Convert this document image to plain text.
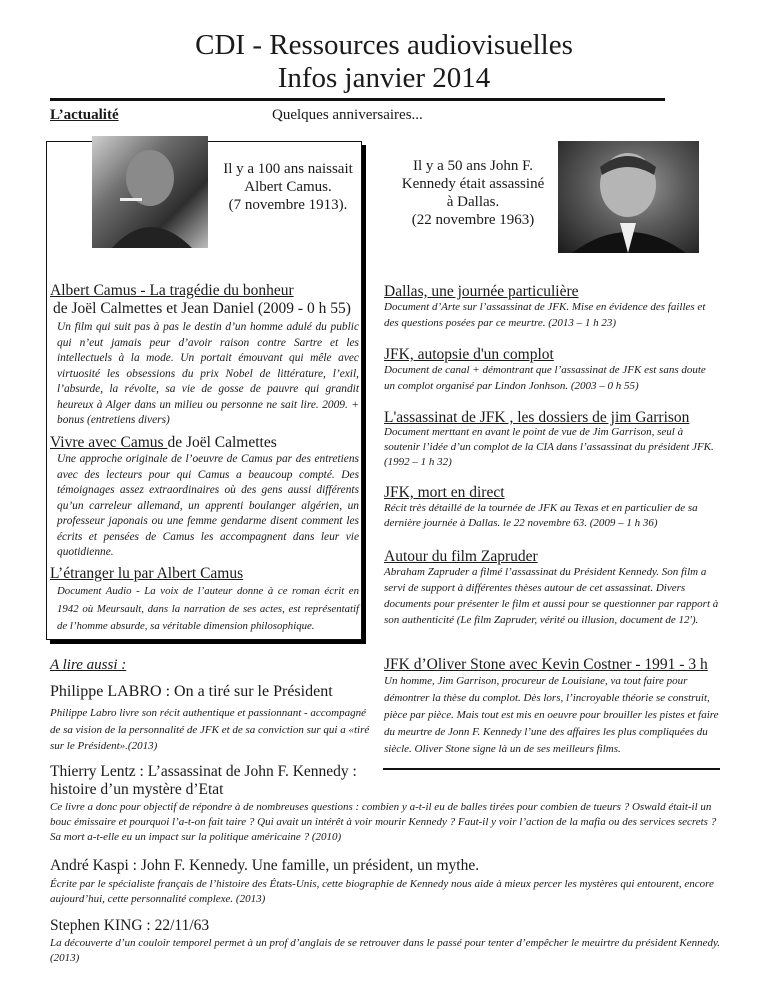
CDI - Ressources audiovisuelles
Infos janvier 2014
L’actualité	Quelques anniversaires...
Il y a 100 ans naissait
Albert Camus.
(7 novembre 1913).
Albert Camus - La tragédie du bonheur
de Joël Calmettes et Jean Daniel (2009 - 0 h 55)
Un film qui suit pas à pas le destin d’un homme adulé du public qui n’eut jamais peur d’avoir raison contre Sartre et les intellectuels à la mode. Un portait émouvant qui mêle avec virtuosité les obsessions du prix Nobel de littérature, l’exil, l’absurde, la révolte, sa vie de gosse de pauvre qui grandit heureux à Alger dans un milieu ou personne ne sait lire. 2009. + bonus (entretiens divers)
Vivre avec Camus de Joël Calmettes
Une approche originale de l’oeuvre de Camus par des entretiens avec des lecteurs pour qui Camus a beaucoup compté. Des témoignages assez extraordinaires où des gens aussi différents qu’un carreleur allemand, un apprenti boulanger algérien, un professeur japonais ou une femme gendarme disent comment les écrits et pensées de Camus les accompagnent dans leur vie quotidienne.
L’étranger lu par Albert Camus
Document Audio - La voix de l’auteur donne à ce roman écrit en 1942 où Meursault, dans la narration de ses actes, est représentatif de l’homme absurde, sa véritable dimension philosophique.
Il y a 50 ans John F.
Kennedy était assassiné
à Dallas.
(22 novembre 1963)
Dallas, une journée particulière
Document d’Arte sur l’assassinat de JFK. Mise en évidence des failles et des questions posées par ce meurtre. (2013 – 1 h 23)
JFK, autopsie d'un complot
Document de canal + démontrant que l’assassinat de JFK est sans doute un complot organisé par Lindon Jonhson. (2003 – 0 h 55)
L'assassinat de JFK , les dossiers de jim Garrison
Document merttant en avant le point de vue de Jim Garrison, seul à soutenir l’idée d’un complot de la CIA dans l’assassinat du président JFK. (1992 – 1 h 32)
JFK, mort en direct
Récit très détaillé de la tournée de JFK au Texas et en particulier de sa dernière journée à Dallas. le 22 novembre 63. (2009 – 1 h 36)
Autour du film Zapruder
Abraham Zapruder a filmé l’assassinat du Président Kennedy. Son film a servi de support à différentes thèses autour de cet assassinat. Divers documents pour présenter le film et aussi pour se questionner par rapport à son authenticité (Le film Zapruder, vérité ou illusion, document de 12').
JFK d’Oliver Stone avec Kevin Costner - 1991 - 3 h
Un homme, Jim Garrison, procureur de Louisiane, va tout faire pour démontrer la thèse du complot. Dès lors, l’incroyable théorie se construit, pièce par pièce. Mais tout est mis en oeuvre pour brouiller les pistes et faire du meurtre de Jonn F. Kennedy l’une des affaires les plus compliquées du siècle. Oliver Stone signe là un de ses meilleurs films.
A lire aussi :
Philippe LABRO : On a tiré sur le Président
Philippe Labro livre son récit authentique et passionnant - accompagné de sa vision de la personnalité de JFK et de sa conviction sur qui a «tiré sur le Président».(2013)
Thierry Lentz : L’assassinat de John F. Kennedy : histoire d’un mystère d’Etat
Ce livre a donc pour objectif de répondre à de nombreuses questions : combien y a-t-il eu de balles tirées pour combien de tueurs ? Oswald était-il un bouc émissaire et pourquoi l’a-t-on fait taire ? Qui avait un intérêt à voir mourir Kennedy ? Faut-il y voir l’action de la mafia ou des services secrets ? Sa mort a-t-elle eu un impact sur la politique américaine ? (2010)
André Kaspi : John F. Kennedy. Une famille, un président, un mythe.
Écrite par le spécialiste français de l’histoire des États-Unis, cette biographie de Kennedy nous aide à mieux percer les mystères qui entourent, encore aujourd’hui, cette personnalité complexe. (2013)
Stephen KING : 22/11/63
La découverte d’un couloir temporel permet à un prof d’anglais de se retrouver dans le passé pour tenter d’empêcher le meuirtre du président Kennedy. (2013)
